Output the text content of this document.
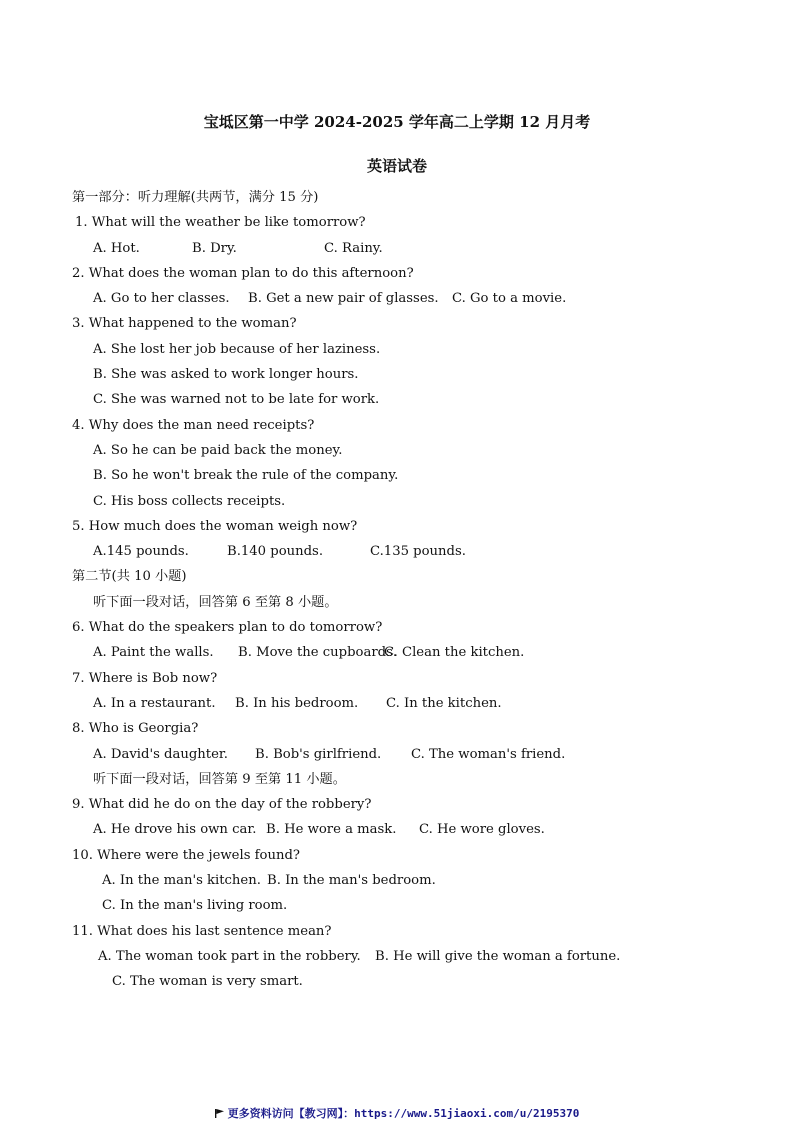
宝坻区第一中学 2024-2025 学年高二上学期 12 月月考
英语试卷
第一部分：听力理解(共两节，满分 15 分)
1. What will the weather be like tomorrow?
A. Hot.	B. Dry.	C. Rainy.
2. What does the woman plan to do this afternoon?
A. Go to her classes. B. Get a new pair of glasses. C. Go to a movie.
3. What happened to the woman?
A. She lost her job because of her laziness.
B. She was asked to work longer hours.
C. She was warned not to be late for work.
4. Why does the man need receipts?
A. So he can be paid back the money.
B. So he won't break the rule of the company.
C. His boss collects receipts.
5. How much does the woman weigh now?
A.145 pounds.	B.140 pounds.	C.135 pounds.
第二节(共 10 小题)
听下面一段对话，回答第 6 至第 8 小题。
6. What do the speakers plan to do tomorrow?
A. Paint the walls. B. Move the cupboards.C. Clean the kitchen.
7. Where is Bob now?
A. In a restaurant. B. In his bedroom. C. In the kitchen.
8. Who is Georgia?
A. David's daughter. B. Bob's girlfriend. C. The woman's friend.
听下面一段对话，回答第 9 至第 11 小题。
9. What did he do on the day of the robbery?
A. He drove his own car. B. He wore a mask. C. He wore gloves.
10. Where were the jewels found?
A. In the man's kitchen. B. In the man's bedroom.
C. In the man's living room.
11. What does his last sentence mean?
A. The woman took part in the robbery. B. He will give the woman a fortune.
C. The woman is very smart.
更多资料访问【教习网】：https://www.51jiaoxi.com/u/2195370
